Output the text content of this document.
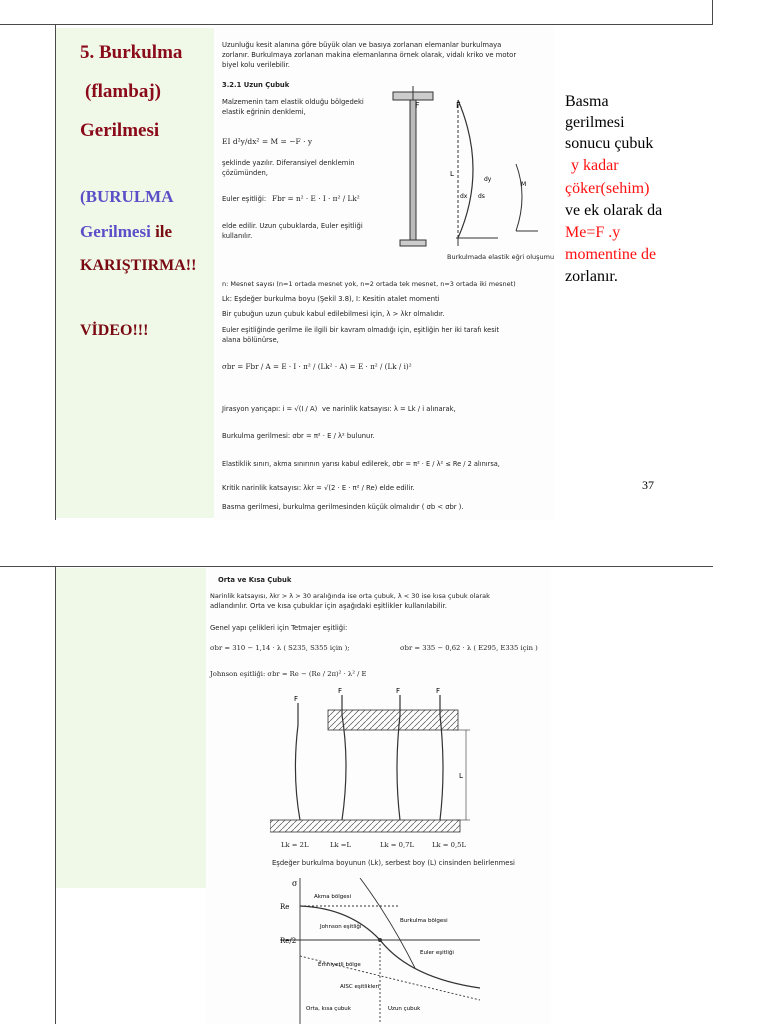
5. Burkulma
(flambaj)
Gerilmesi
(BURULMA
Gerilmesi ile
KARIŞTIRMA!!
VİDEO!!!
Uzunluğu kesit alanına göre büyük olan ve basıya zorlanan elemanlar burkulmaya
zorlanır. Burkulmaya zorlanan makina elemanlarına örnek olarak, vidalı kriko ve motor
biyel kolu verilebilir.
3.2.1 Uzun Çubuk
Malzemenin tam elastik olduğu bölgedeki
elastik eğrinin denklemi,
EI d²y/dx² = M = −F · y
şeklinde yazılır. Diferansiyel denklemin
çözümünden,
Euler eşitliği: Fbr = n² · E · I · π² / Lk²
elde edilir. Uzun çubuklarda, Euler eşitliği
kullanılır.
F	F
L
dy
ds
dx
M
Burkulmada elastik eğri oluşumu
n: Mesnet sayısı (n=1 ortada mesnet yok, n=2 ortada tek mesnet, n=3 ortada iki mesnet)
Lk: Eşdeğer burkulma boyu (Şekil 3.8), I: Kesitin atalet momenti
Bir çubuğun uzun çubuk kabul edilebilmesi için, λ > λkr olmalıdır.
Euler eşitliğinde gerilme ile ilgili bir kavram olmadığı için, eşitliğin her iki tarafı kesit
alana bölünürse,
σbr = Fbr / A = E · I · π² / (Lk² · A) = E · π² / (Lk / i)²
Jirasyon yarıçapı: i = √(I / A) ve narinlik katsayısı: λ = Lk / i alınarak,
Burkulma gerilmesi: σbr = π² · E / λ² bulunur.
Elastiklik sınırı, akma sınırının yarısı kabul edilerek, σbr = π² · E / λ² ≤ Re / 2 alınırsa,
Kritik narinlik katsayısı: λkr = √(2 · E · π² / Re) elde edilir.
Basma gerilmesi, burkulma gerilmesinden küçük olmalıdır ( σb < σbr ).
Basma
gerilmesi
sonucu çubuk
y kadar
çöker(sehim)
ve ek olarak da
Me=F .y
momentine de
zorlanır.
37
Orta ve Kısa Çubuk
Narinlik katsayısı, λkr > λ > 30 aralığında ise orta çubuk, λ < 30 ise kısa çubuk olarak
adlandırılır. Orta ve kısa çubuklar için aşağıdaki eşitlikler kullanılabilir.
Genel yapı çelikleri için Tetmajer eşitliği:
σbr = 310 − 1,14 · λ ( S235, S355 için );	σbr = 335 − 0,62 · λ ( E295, E335 için )
Johnson eşitliği: σbr = Re − (Re / 2π)² · λ² / E
F
F	F	F
L
Lk = 2L	Lk =L	Lk = 0,7L	Lk = 0,5L
Eşdeğer burkulma boyunun (Lk), serbest boy (L) cinsinden belirlenmesi
σ
Re
Re/2
Akma bölgesi
Johnson eşitliği
Burkulma bölgesi
Euler eşitliği
Emniyetli bölge
AISC eşitlikleri
Orta, kısa çubuk	Uzun çubuk
